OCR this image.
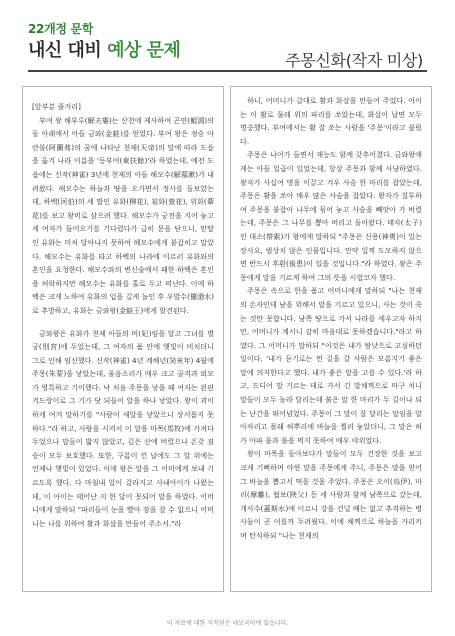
22개정 문학
내신 대비 예상 문제	주몽신화(작자 미상)

[앞부분 줄거리]

부여 왕 해부루(解夫婁)는 산천에 제사하여 곤연(鯤淵)의 돌 아래에서 아들 금와(金蛙)를 얻었다. 부여 왕은 정승 아란불(阿蘭弗)의 꿈에 나타난 천제(天帝)의 말에 따라 도읍을 옮겨 나라 이름을 '동부여(東扶餘)'라 하였는데, 예전 도읍에는 신작(神雀) 3년에 천제의 아들 해모수(解慕漱)가 내려왔다. 해모수는 하늘과 땅을 오가면서 정사를 돌보았는데, 하백(河伯)의 세 딸인 유화(柳花), 훤화(萱花), 위화(葦花)를 보고 왕비로 삼으려 했다. 해모수가 궁전을 지어 놓고 세 여자가 들어오기를 기다렸다가 급히 문을 닫으니, 맏딸인 유화는 미처 달아나지 못하여 해모수에게 붙잡히고 말았다. 해모수는 유화를 타고 하백의 나라에 이르러 유화와의 혼인을 요청한다. 해모수와의 변신술에서 패한 하백은 혼인을 허락하지만 해모수는 유화를 홀로 두고 떠난다. 이에 하백은 크게 노하여 유화의 입을 길게 늘인 후 우발수(優渤水)로 추방하고, 유화는 금와왕(金蛙王)에게 발견된다.

금와왕은 유화가 천제 아들의 비(妃)임을 알고 그녀를 별궁(別宮)에 두었는데, 그 여자의 품 안에 햇빛이 비치더니 그로 인해 임신했다. 신작(神雀) 4년 계해년(癸亥年) 4월에 주몽(朱蒙)을 낳았는데, 울음소리가 매우 크고 골격과 외모가 영특하고 기이했다. 낙 처음 주몽을 낳을 때 여자는 왼편 겨드랑이로 그 기가 닷 되들이 알을 하나 낳았다. 왕이 괴이하게 여겨 말하기를 "사람이 새알을 낳았으니 상서롭지 못하다."라 하고, 사람을 시켜서 이 알을 마목(馬牧)에 가져다 두었으나 말들이 밟지 않았고, 깊은 산에 버렸으나 온갖 짐승이 모두 보호했다. 또한, 구름이 낀 날에도 그 알 위에는 언제나 햇빛이 있었다. 이에 왕은 알을 그 어미에게 보내 기르도록 했다. 다 마침내 알이 갈라지고 사내아이가 나왔는데, 이 아이는 태어난 지 한 달이 못되어 말을 하였다. 어머니에게 말하되 "파리들이 눈을 빨아 잠을 잘 수 없으니 어머니는 나를 위하여 활과 화살을 만들어 주소서."라

하니, 어머니가 갈대로 활과 화살을 만들어 주었다. 아이는 이 활로 물레 위의 파리를 쏘았는데, 화살이 날면 모두 명중했다. 부여에서는 활 잘 쏘는 사람을 '주몽'이라고 불렀다.

주몽은 나이가 들면서 재능도 함께 갖추어졌다. 금와왕에게는 아들 일곱이 있었는데, 항상 주몽과 함께 사냥하였다. 왕자가 사십여 명을 이끌고 겨우 사슴 한 마리를 잡았는데, 주몽은 활을 쏘아 매우 많은 사슴을 잡았다. 왕자가 질투하여 주몽을 붙잡아 나무에 묶어 놓고 사슴을 빼앗아 가 버렸는데, 주몽은 그 나무를 뽑아 버리고 돌아왔다. 태자(太子)인 대소(帶素)가 왕에게 말하되 "주몽은 신용(神勇)이 있는 장사요, 범상치 않은 인물입니다. 만약 일찍 도모하지 않으면 반드시 후환(後患)이 있을 것입니다."라 하였다. 왕은 주몽에게 말을 기르게 하여 그의 뜻을 시험코자 했다.

주몽은 속으로 한을 품고 어머니에게 말하되 "나는 천제의 손자인데 남을 위해서 말을 기르고 있으니, 사는 것이 죽는 것만 못합니다. 남쪽 땅으로 가서 나라를 세우고자 하지만, 어머니가 계시니 감히 마음대로 못하겠습니다."라고 하였다. 그 어머니가 말하되 "이것은 내가 밤낮으로 고심하던 일이다. '내가 듣기로는 먼 길을 갈 사람은 모름지기 좋은 말에 의지한다고 했다. 내가 좋은 말을 고를 수 있다.'라 하고, 드디어 말 기르는 데로 가서 긴 말채찍으로 마구 치니 말들이 모두 놀라 달리는데 붉은 말 한 마리가 두 길이나 되는 난간을 뛰어넘었다. 주몽이 그 말이 잘 달리는 말임을 알아차리고 몰래 혀뿌리에 바늘을 찔러 놓았더니, 그 말은 혀가 아파 물과 풀을 먹지 못하여 매우 야위었다.

왕이 마목을 돌아보다가 말들이 모두 건장한 것을 보고 크게 기뻐하며 야윈 말을 주몽에게 주니, 주몽은 말을 얻어 그 바늘을 뽑고서 먹을 것을 주었다. 주몽은 오이(烏伊), 마리(摩離), 협보(陜父) 등 세 사람과 함께 남쪽으로 갔는데, 개사수(蓋斯水)에 이르니 강을 건널 배는 없고 추격하는 병사들이 곧 이를까 두려웠다. 이에 채찍으로 하늘을 가리키며 탄식하되 "나는 천제의

이 자료에 대한 저작권은 네모국어에 있습니다.
